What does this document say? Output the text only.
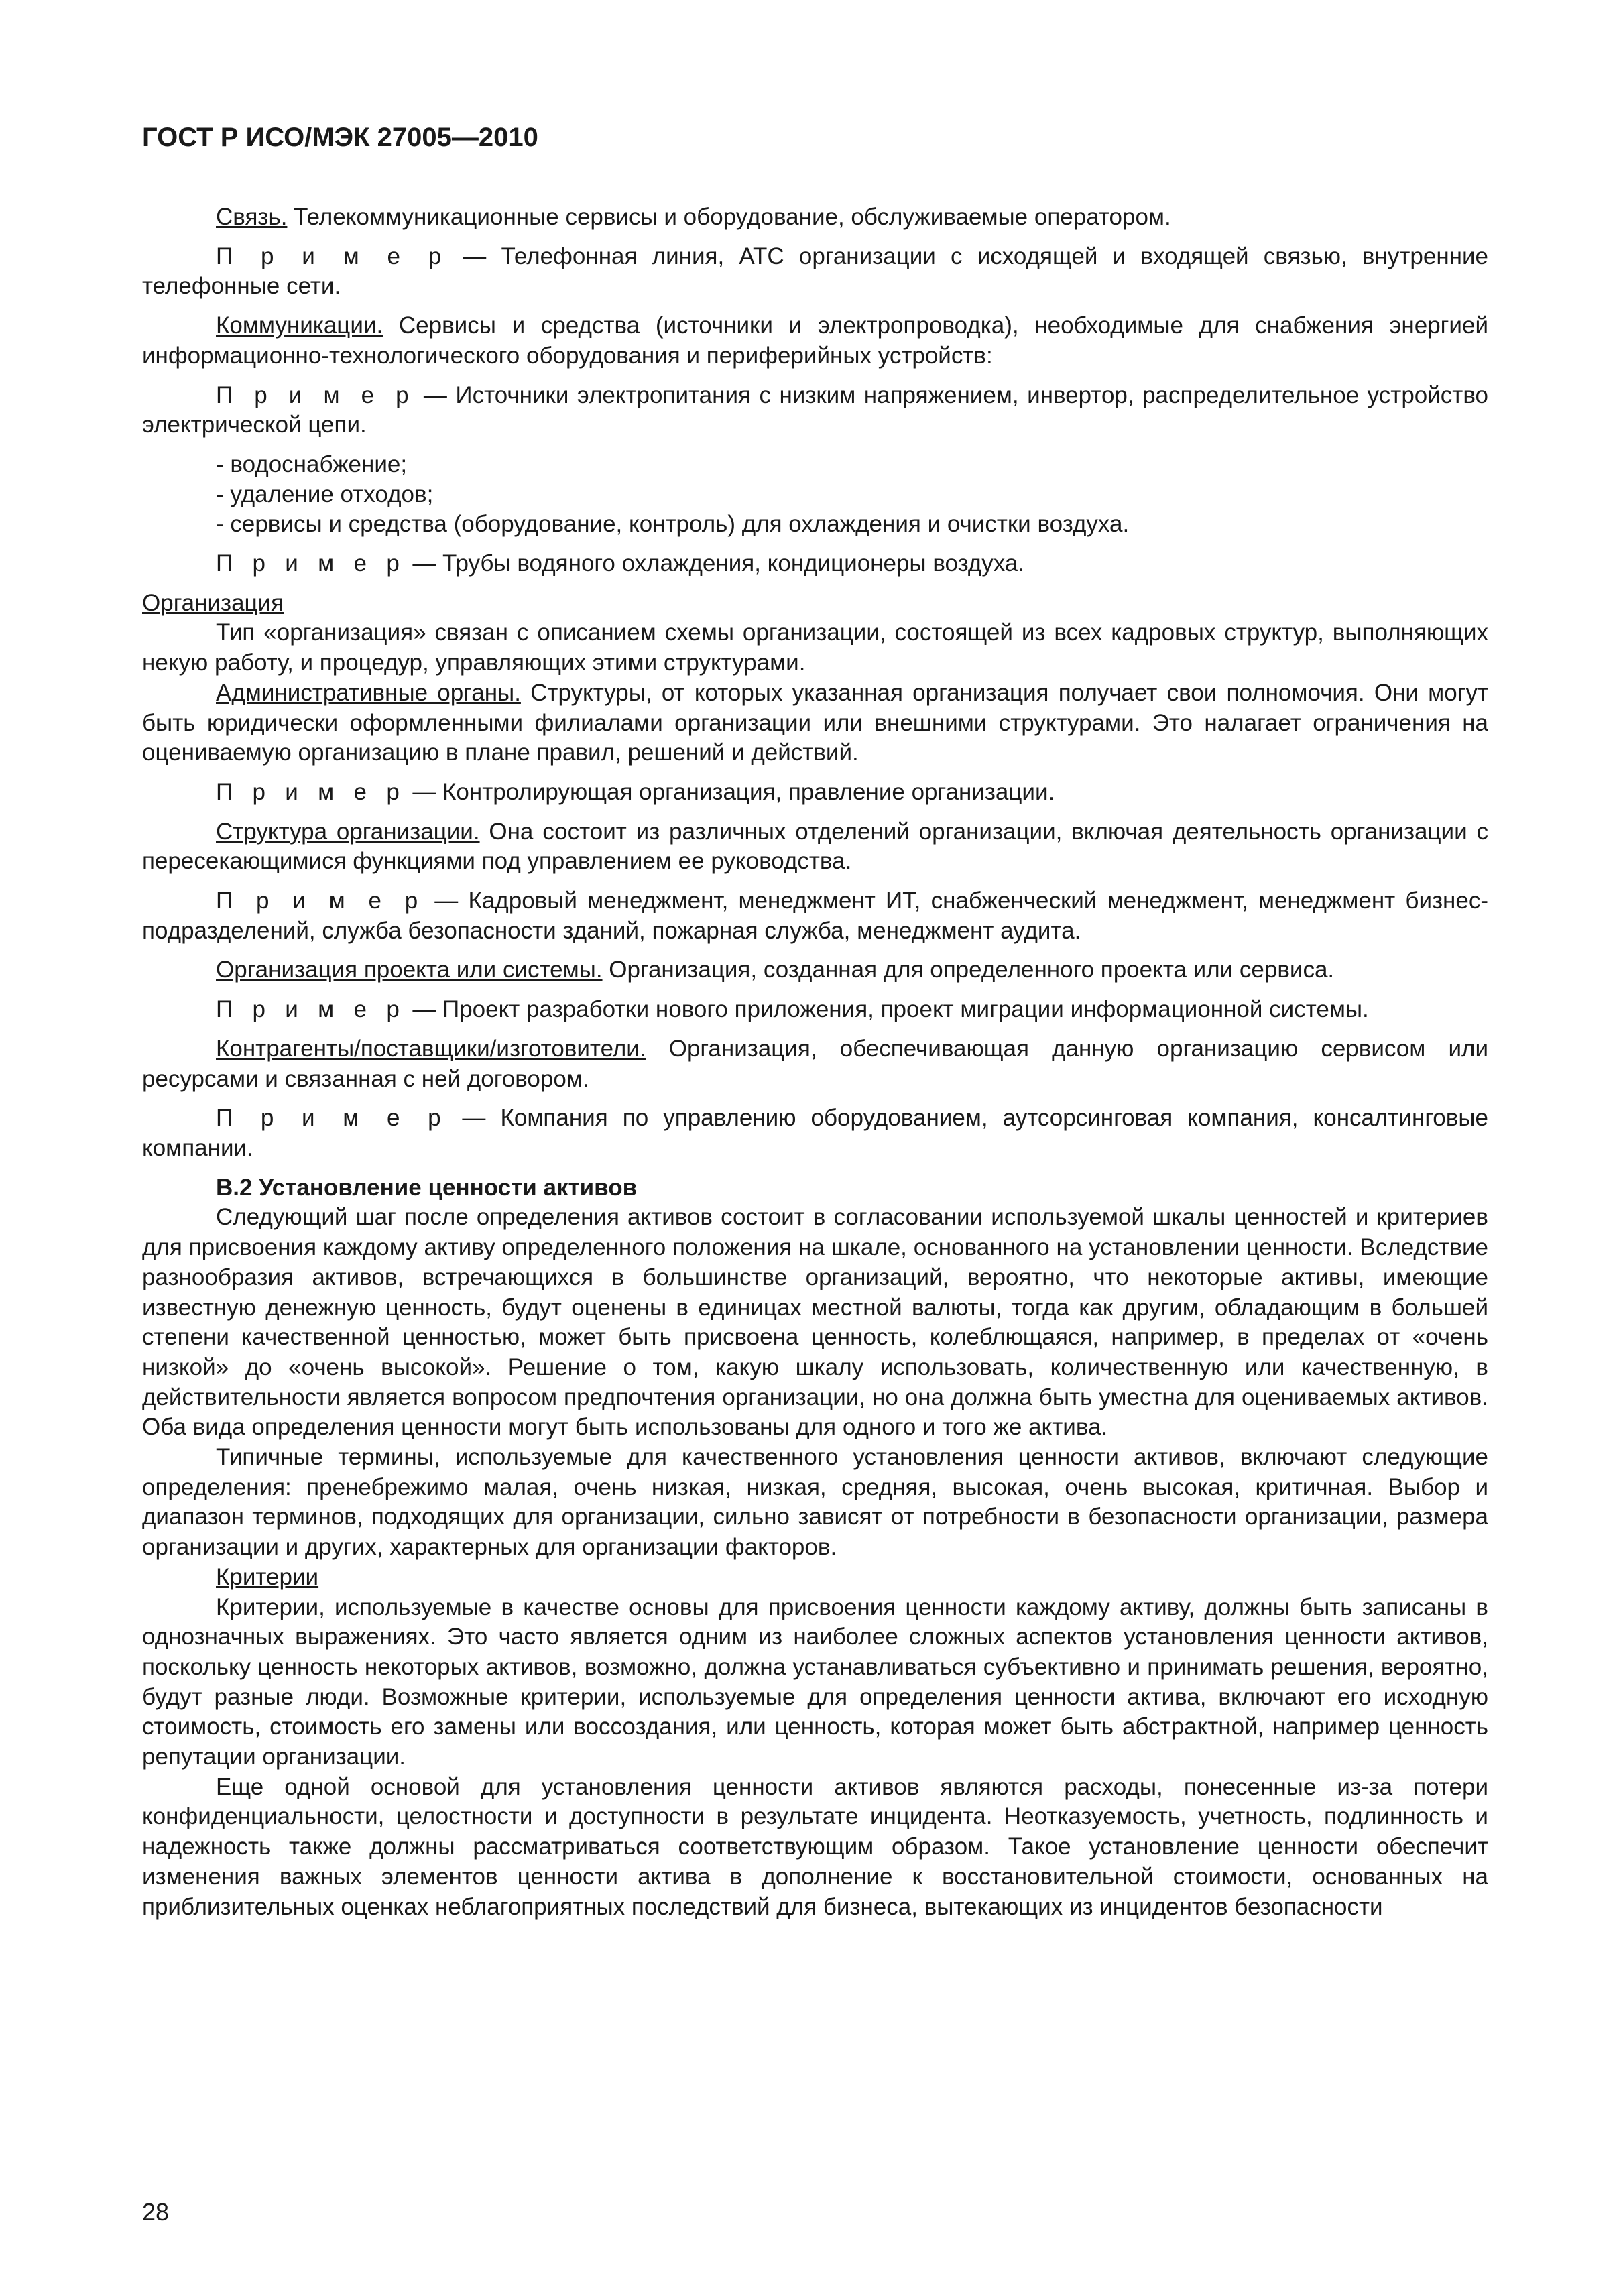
ГОСТ Р ИСО/МЭК 27005—2010

Связь. Телекоммуникационные сервисы и оборудование, обслуживаемые оператором.

П р и м е р — Телефонная линия, АТС организации с исходящей и входящей связью, внутренние телефонные сети.

Коммуникации. Сервисы и средства (источники и электропроводка), необходимые для снабжения энергией информационно-технологического оборудования и периферийных устройств:

П р и м е р — Источники электропитания с низким напряжением, инвертор, распределительное устройство электрической цепи.

- водоснабжение;
- удаление отходов;
- сервисы и средства (оборудование, контроль) для охлаждения и очистки воздуха.

П р и м е р — Трубы водяного охлаждения, кондиционеры воздуха.

Организация

Тип «организация» связан с описанием схемы организации, состоящей из всех кадровых структур, выполняющих некую работу, и процедур, управляющих этими структурами.

Административные органы. Структуры, от которых указанная организация получает свои полномочия. Они могут быть юридически оформленными филиалами организации или внешними структурами. Это налагает ограничения на оцениваемую организацию в плане правил, решений и действий.

П р и м е р — Контролирующая организация, правление организации.

Структура организации. Она состоит из различных отделений организации, включая деятельность организации с пересекающимися функциями под управлением ее руководства.

П р и м е р — Кадровый менеджмент, менеджмент ИТ, снабженческий менеджмент, менеджмент бизнес-подразделений, служба безопасности зданий, пожарная служба, менеджмент аудита.

Организация проекта или системы. Организация, созданная для определенного проекта или сервиса.

П р и м е р — Проект разработки нового приложения, проект миграции информационной системы.

Контрагенты/поставщики/изготовители. Организация, обеспечивающая данную организацию сервисом или ресурсами и связанная с ней договором.

П р и м е р — Компания по управлению оборудованием, аутсорсинговая компания, консалтинговые компании.

В.2 Установление ценности активов

Следующий шаг после определения активов состоит в согласовании используемой шкалы ценностей и критериев для присвоения каждому активу определенного положения на шкале, основанного на установлении ценности. Вследствие разнообразия активов, встречающихся в большинстве организаций, вероятно, что некоторые активы, имеющие известную денежную ценность, будут оценены в единицах местной валюты, тогда как другим, обладающим в большей степени качественной ценностью, может быть присвоена ценность, колеблющаяся, например, в пределах от «очень низкой» до «очень высокой». Решение о том, какую шкалу использовать, количественную или качественную, в действительности является вопросом предпочтения организации, но она должна быть уместна для оцениваемых активов. Оба вида определения ценности могут быть использованы для одного и того же актива.

Типичные термины, используемые для качественного установления ценности активов, включают следующие определения: пренебрежимо малая, очень низкая, низкая, средняя, высокая, очень высокая, критичная. Выбор и диапазон терминов, подходящих для организации, сильно зависят от потребности в безопасности организации, размера организации и других, характерных для организации факторов.

Критерии

Критерии, используемые в качестве основы для присвоения ценности каждому активу, должны быть записаны в однозначных выражениях. Это часто является одним из наиболее сложных аспектов установления ценности активов, поскольку ценность некоторых активов, возможно, должна устанавливаться субъективно и принимать решения, вероятно, будут разные люди. Возможные критерии, используемые для определения ценности актива, включают его исходную стоимость, стоимость его замены или воссоздания, или ценность, которая может быть абстрактной, например ценность репутации организации.

Еще одной основой для установления ценности активов являются расходы, понесенные из-за потери конфиденциальности, целостности и доступности в результате инцидента. Неотказуемость, учетность, подлинность и надежность также должны рассматриваться соответствующим образом. Такое установление ценности обеспечит изменения важных элементов ценности актива в дополнение к восстановительной стоимости, основанных на приблизительных оценках неблагоприятных последствий для бизнеса, вытекающих из инцидентов безопасности

28
